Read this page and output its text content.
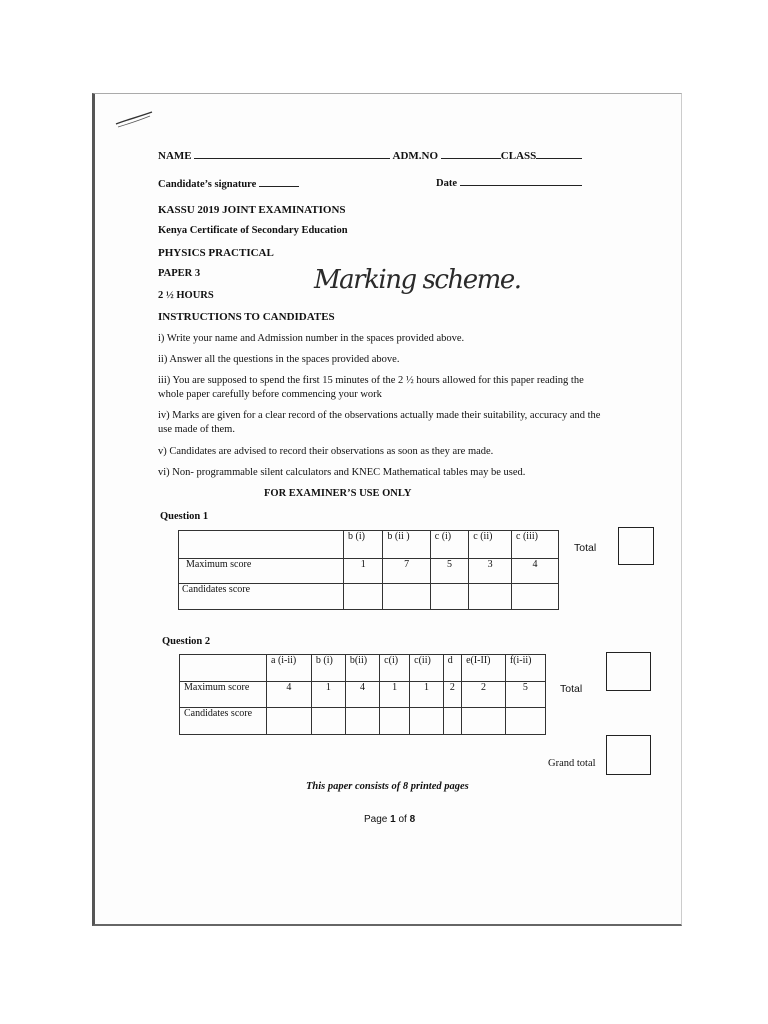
NAME	ADM.NO	CLASS
Candidate’s signature	Date
KASSU 2019 JOINT EXAMINATIONS
Kenya Certificate of Secondary Education
PHYSICS PRACTICAL
PAPER 3
2 ½ HOURS
Marking scheme.
INSTRUCTIONS TO CANDIDATES
i) Write your name and Admission number in the spaces provided above.
ii) Answer all the questions in the spaces provided above.
iii) You are supposed to spend the first 15 minutes of the 2 ½ hours allowed for this paper reading the
whole paper carefully before commencing your work
iv) Marks are given for a clear record of the observations actually made their suitability, accuracy and the
use made of them.
v) Candidates are advised to record their observations as soon as they are made.
vi) Non- programmable silent calculators and KNEC Mathematical tables may be used.
FOR EXAMINER’S USE ONLY
Question 1
	b (i)	b (ii )	c (i)	c (ii)	c (iii)
Maximum score	1	7	5	3	4
Candidates score					
Total
Question 2
	a (i-ii)	b (i)	b(ii)	c(i)	c(ii)	d	e(I-II)	f(i-ii)
Maximum score	4	1	4	1	1	2	2	5
Candidates score								
Total
Grand total
This paper consists of 8 printed pages
Page 1 of 8
